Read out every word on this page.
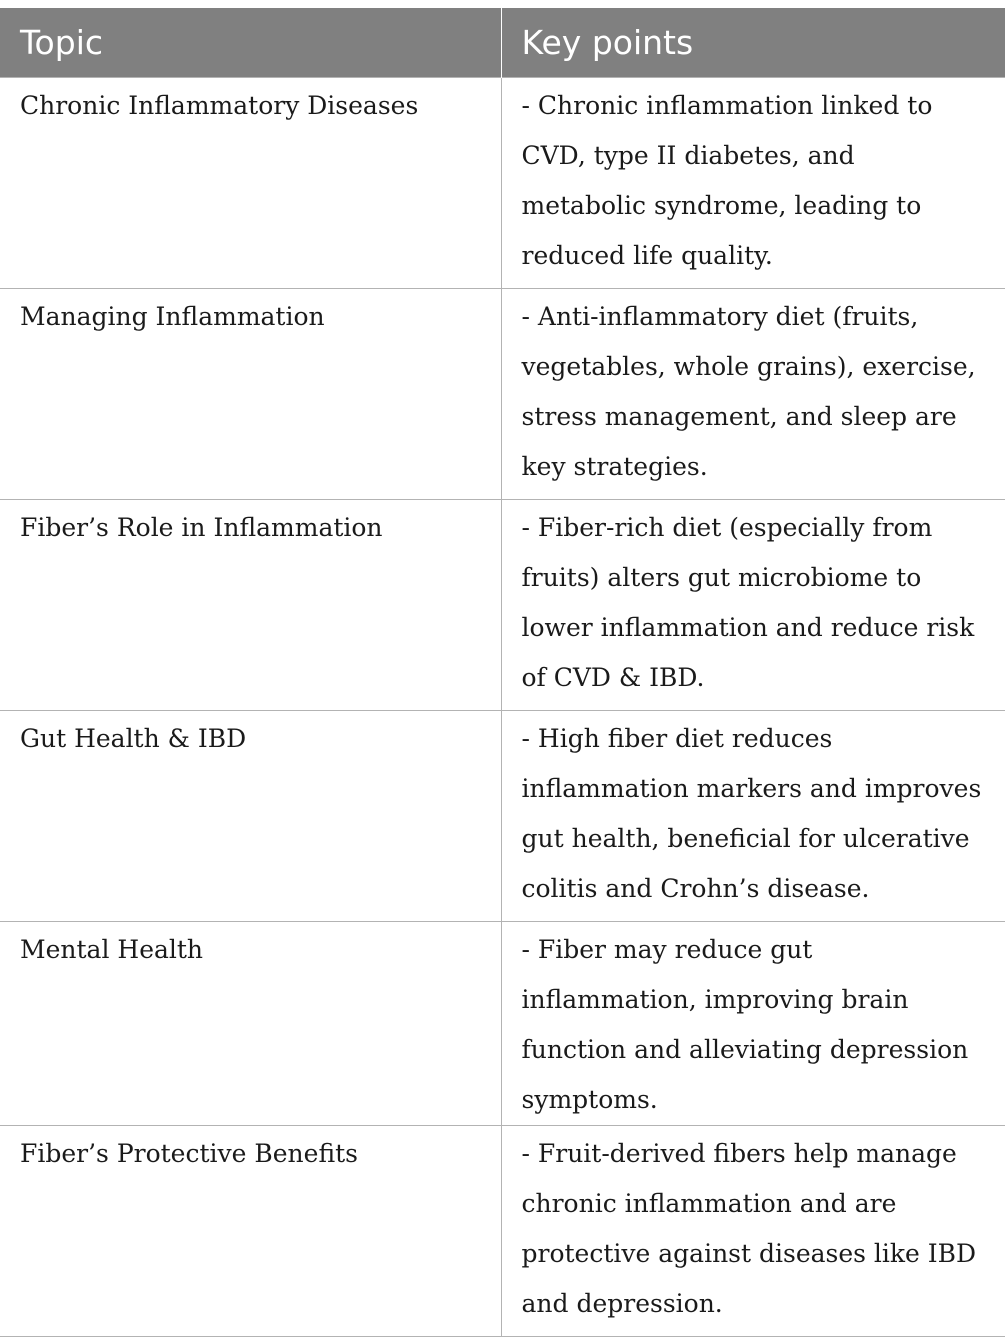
Topic	Key points
Chronic Inflammatory Diseases	- Chronic inflammation linked to CVD, type II diabetes, and metabolic syndrome, leading to reduced life quality.
Managing Inflammation	- Anti-inflammatory diet (fruits, vegetables, whole grains), exercise, stress management, and sleep are key strategies.
Fiber’s Role in Inflammation	- Fiber-rich diet (especially from fruits) alters gut microbiome to lower inflammation and reduce risk of CVD & IBD.
Gut Health & IBD	- High fiber diet reduces inflammation markers and improves gut health, beneficial for ulcerative colitis and Crohn’s disease.
Mental Health	- Fiber may reduce gut inflammation, improving brain function and alleviating depression symptoms.
Fiber’s Protective Benefits	- Fruit-derived fibers help manage chronic inflammation and are protective against diseases like IBD and depression.
